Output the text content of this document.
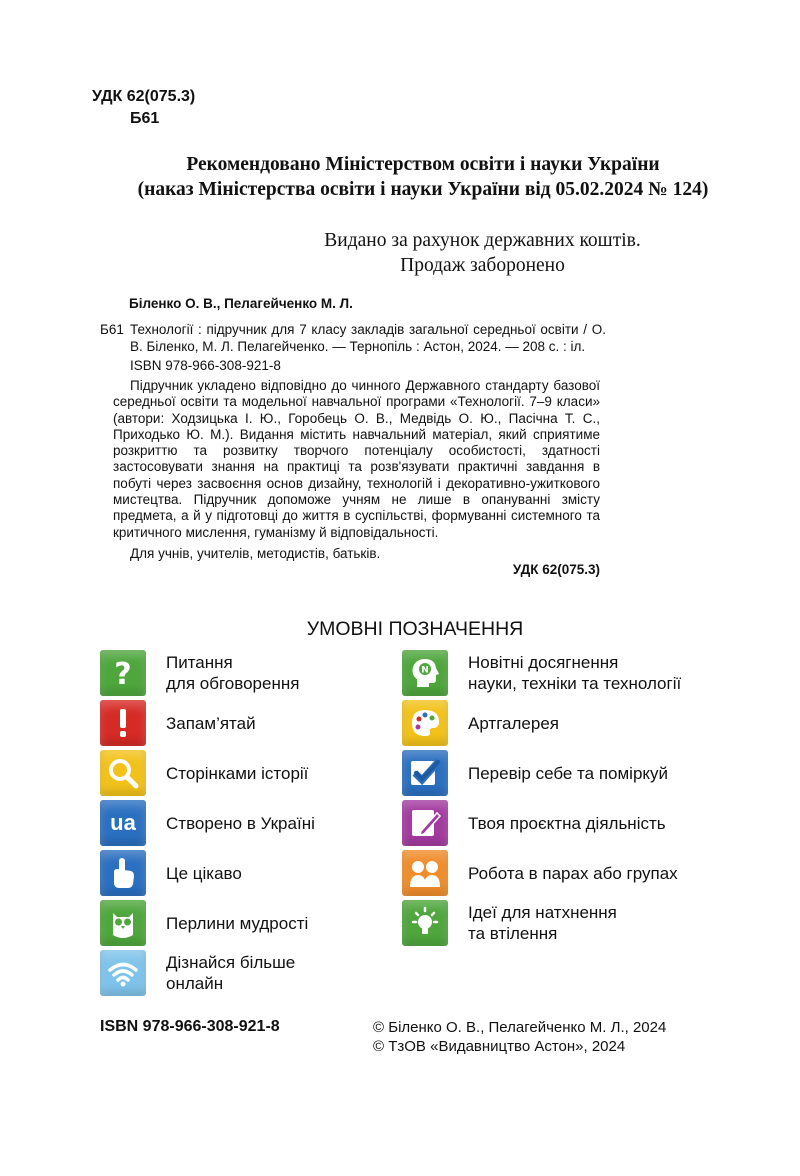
УДК 62(075.3)
Б61
Рекомендовано Міністерством освіти і науки України
(наказ Міністерства освіти і науки України від 05.02.2024 № 124)
Видано за рахунок державних коштів.
Продаж заборонено
Біленко О. В., Пелагейченко М. Л.
Б61 Технології : підручник для 7 класу закладів загальної середньої освіти / О. В. Біленко, М. Л. Пелагейченко. — Тернопіль : Астон, 2024. — 208 с. : іл.
ISBN 978-966-308-921-8
Підручник укладено відповідно до чинного Державного стандарту базової середньої освіти та модельної навчальної програми «Технології. 7–9 класи» (автори: Ходзицька І. Ю., Горобець О. В., Медвідь О. Ю., Пасічна Т. С., Приходько Ю. М.). Видання містить навчальний матеріал, який сприятиме розкриттю та розвитку творчого потенціалу особистості, здатності застосовувати знання на практиці та розв'язувати практичні завдання в побуті через засвоєння основ дизайну, технологій і декоративно-ужиткового мистецтва. Підручник допоможе учням не лише в опануванні змісту предмета, а й у підготовці до життя в суспільстві, формуванні системного та критичного мислення, гуманізму й відповідальності.
Для учнів, учителів, методистів, батьків.
УДК 62(075.3)
УМОВНІ ПОЗНАЧЕННЯ
? Питання
для обговорення
Запам’ятай
Сторінками історії
ua	Створено в Україні
Це цікаво
Перлини мудрості
Дізнайся більше
онлайн
N Новітні досягнення
науки, техніки та технології
Артгалерея
Перевір себе та поміркуй
Твоя проєктна діяльність
Робота в парах або групах
Ідеї для натхнення
та втілення
ISBN 978-966-308-921-8	© Біленко О. В., Пелагейченко М. Л., 2024
© ТзОВ «Видавництво Астон», 2024
